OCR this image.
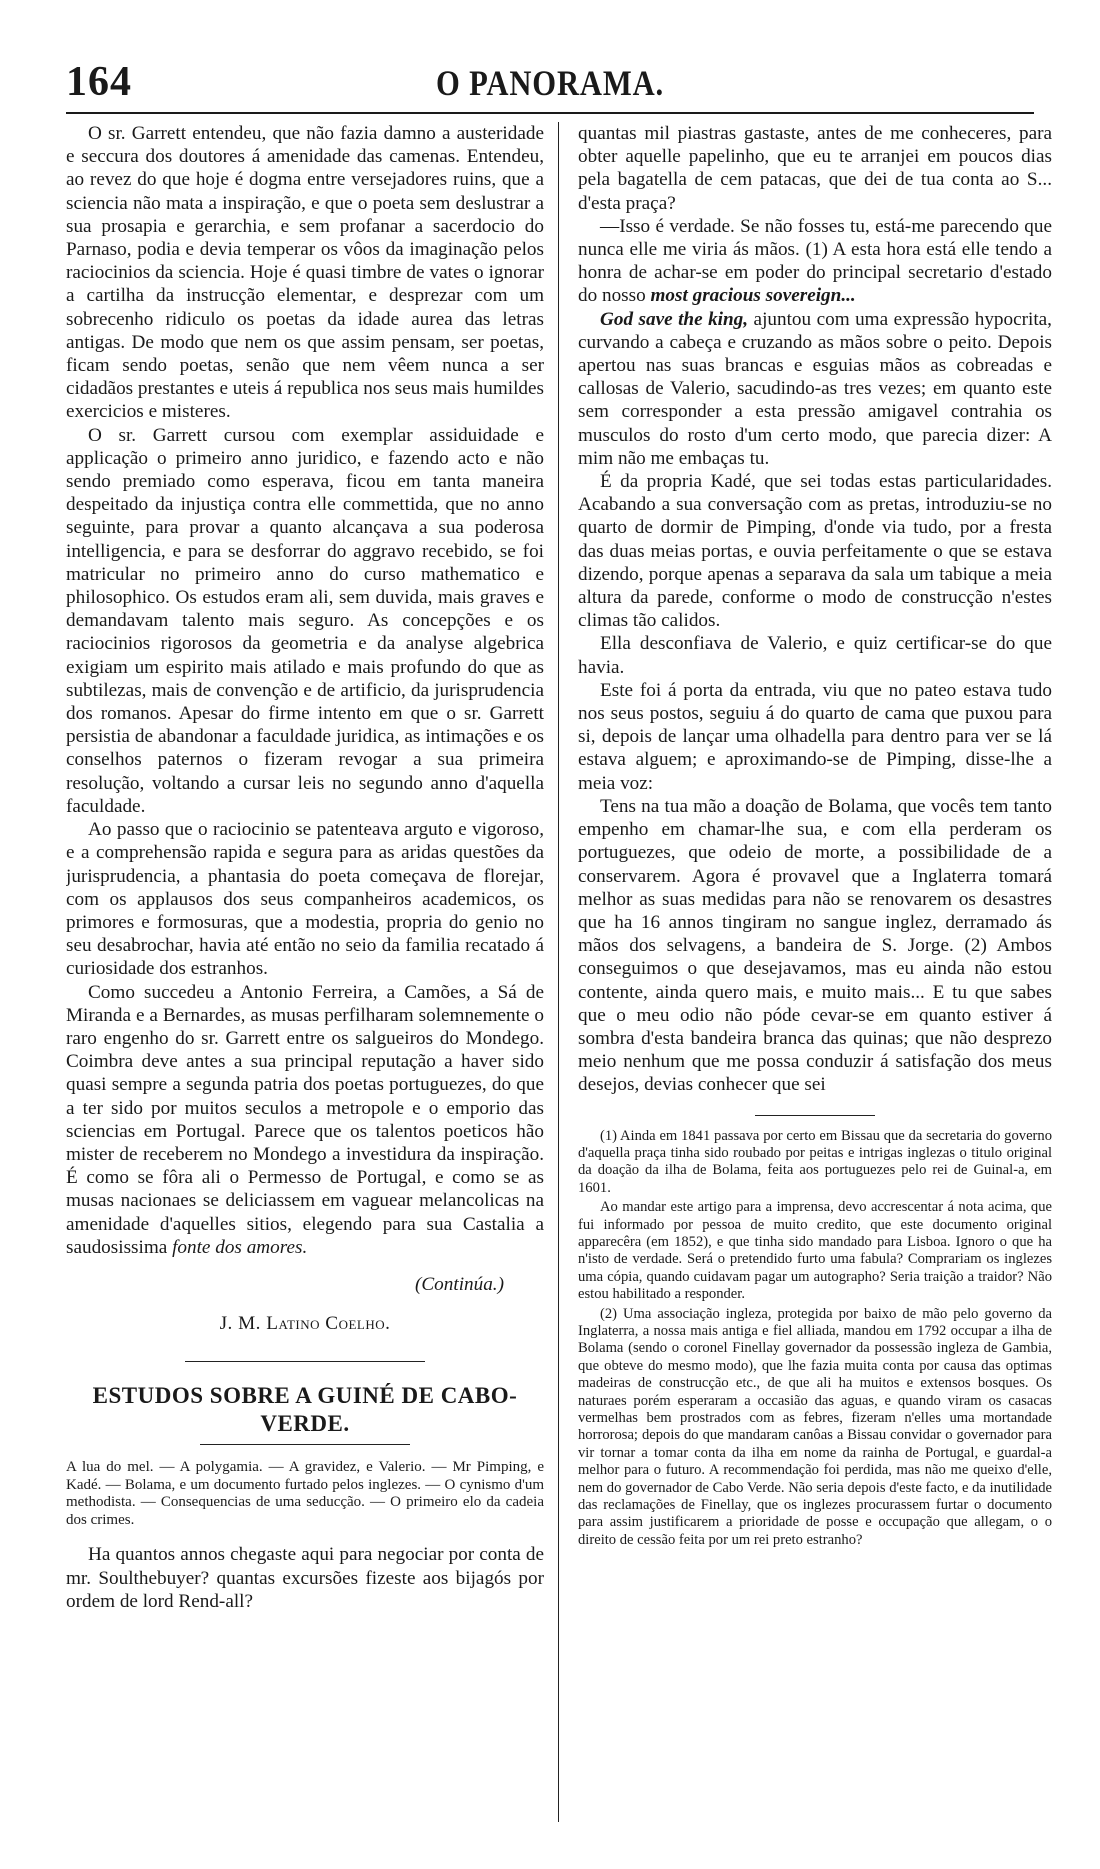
164	O PANORAMA.

O sr. Garrett entendeu, que não fazia damno a austeridade e seccura dos doutores á amenidade das camenas. Entendeu, ao revez do que hoje é dogma entre versejadores ruins, que a sciencia não mata a inspiração, e que o poeta sem deslustrar a sua prosapia e gerarchia, e sem profanar a sacerdocio do Parnaso, podia e devia temperar os vôos da imaginação pelos raciocinios da sciencia. Hoje é quasi timbre de vates o ignorar a cartilha da instrucção elementar, e desprezar com um sobrecenho ridiculo os poetas da idade aurea das letras antigas. De modo que nem os que assim pensam, ser poetas, ficam sendo poetas, senão que nem vêem nunca a ser cidadãos prestantes e uteis á republica nos seus mais humildes exercicios e misteres.

O sr. Garrett cursou com exemplar assiduidade e applicação o primeiro anno juridico, e fazendo acto e não sendo premiado como esperava, ficou em tanta maneira despeitado da injustiça contra elle commettida, que no anno seguinte, para provar a quanto alcançava a sua poderosa intelligencia, e para se desforrar do aggravo recebido, se foi matricular no primeiro anno do curso mathematico e philosophico. Os estudos eram ali, sem duvida, mais graves e demandavam talento mais seguro. As concepções e os raciocinios rigorosos da geometria e da analyse algebrica exigiam um espirito mais atilado e mais profundo do que as subtilezas, mais de convenção e de artificio, da jurisprudencia dos romanos. Apesar do firme intento em que o sr. Garrett persistia de abandonar a faculdade juridica, as intimações e os conselhos paternos o fizeram revogar a sua primeira resolução, voltando a cursar leis no segundo anno d'aquella faculdade.

Ao passo que o raciocinio se patenteava arguto e vigoroso, e a comprehensão rapida e segura para as aridas questões da jurisprudencia, a phantasia do poeta começava de florejar, com os applausos dos seus companheiros academicos, os primores e formosuras, que a modestia, propria do genio no seu desabrochar, havia até então no seio da familia recatado á curiosidade dos estranhos.

Como succedeu a Antonio Ferreira, a Camões, a Sá de Miranda e a Bernardes, as musas perfilharam solemnemente o raro engenho do sr. Garrett entre os salgueiros do Mondego. Coimbra deve antes a sua principal reputação a haver sido quasi sempre a segunda patria dos poetas portuguezes, do que a ter sido por muitos seculos a metropole e o emporio das sciencias em Portugal. Parece que os talentos poeticos hão mister de receberem no Mondego a investidura da inspiração. É como se fôra ali o Permesso de Portugal, e como se as musas nacionaes se deliciassem em vaguear melancolicas na amenidade d'aquelles sitios, elegendo para sua Castalia a saudosissima fonte dos amores.

(Continúa.)

J. M. Latino Coelho.

ESTUDOS SOBRE A GUINÉ DE CABO-VERDE.

A lua do mel. — A polygamia. — A gravidez, e Valerio. — Mr Pimping, e Kadé. — Bolama, e um documento furtado pelos inglezes. — O cynismo d'um methodista. — Consequencias de uma seducção. — O primeiro elo da cadeia dos crimes.

Ha quantos annos chegaste aqui para negociar por conta de mr. Soulthebuyer? quantas excursões fizeste aos bijagós por ordem de lord Rend-all?

quantas mil piastras gastaste, antes de me conheceres, para obter aquelle papelinho, que eu te arranjei em poucos dias pela bagatella de cem patacas, que dei de tua conta ao S... d'esta praça?

—Isso é verdade. Se não fosses tu, está-me parecendo que nunca elle me viria ás mãos. (1) A esta hora está elle tendo a honra de achar-se em poder do principal secretario d'estado do nosso most gracious sovereign...

God save the king, ajuntou com uma expressão hypocrita, curvando a cabeça e cruzando as mãos sobre o peito. Depois apertou nas suas brancas e esguias mãos as cobreadas e callosas de Valerio, sacudindo-as tres vezes; em quanto este sem corresponder a esta pressão amigavel contrahia os musculos do rosto d'um certo modo, que parecia dizer: A mim não me embaças tu.

É da propria Kadé, que sei todas estas particularidades. Acabando a sua conversação com as pretas, introduziu-se no quarto de dormir de Pimping, d'onde via tudo, por a fresta das duas meias portas, e ouvia perfeitamente o que se estava dizendo, porque apenas a separava da sala um tabique a meia altura da parede, conforme o modo de construcção n'estes climas tão calidos.

Ella desconfiava de Valerio, e quiz certificar-se do que havia.

Este foi á porta da entrada, viu que no pateo estava tudo nos seus postos, seguiu á do quarto de cama que puxou para si, depois de lançar uma olhadella para dentro para ver se lá estava alguem; e aproximando-se de Pimping, disse-lhe a meia voz:

Tens na tua mão a doação de Bolama, que vocês tem tanto empenho em chamar-lhe sua, e com ella perderam os portuguezes, que odeio de morte, a possibilidade de a conservarem. Agora é provavel que a Inglaterra tomará melhor as suas medidas para não se renovarem os desastres que ha 16 annos tingiram no sangue inglez, derramado ás mãos dos selvagens, a bandeira de S. Jorge. (2) Ambos conseguimos o que desejavamos, mas eu ainda não estou contente, ainda quero mais, e muito mais... E tu que sabes que o meu odio não póde cevar-se em quanto estiver á sombra d'esta bandeira branca das quinas; que não desprezo meio nenhum que me possa conduzir á satisfação dos meus desejos, devias conhecer que sei

(1) Ainda em 1841 passava por certo em Bissau que da secretaria do governo d'aquella praça tinha sido roubado por peitas e intrigas inglezas o titulo original da doação da ilha de Bolama, feita aos portuguezes pelo rei de Guinal-a, em 1601.

Ao mandar este artigo para a imprensa, devo accrescentar á nota acima, que fui informado por pessoa de muito credito, que este documento original apparecêra (em 1852), e que tinha sido mandado para Lisboa. Ignoro o que ha n'isto de verdade. Será o pretendido furto uma fabula? Comprariam os inglezes uma cópia, quando cuidavam pagar um autographo? Seria traição a traidor? Não estou habilitado a responder.

(2) Uma associação ingleza, protegida por baixo de mão pelo governo da Inglaterra, a nossa mais antiga e fiel alliada, mandou em 1792 occupar a ilha de Bolama (sendo o coronel Finellay governador da possessão ingleza de Gambia, que obteve do mesmo modo), que lhe fazia muita conta por causa das optimas madeiras de construcção etc., de que ali ha muitos e extensos bosques. Os naturaes porém esperaram a occasião das aguas, e quando viram os casacas vermelhas bem prostrados com as febres, fizeram n'elles uma mortandade horrorosa; depois do que mandaram canôas a Bissau convidar o governador para vir tornar a tomar conta da ilha em nome da rainha de Portugal, e guardal-a melhor para o futuro. A recommendação foi perdida, mas não me queixo d'elle, nem do governador de Cabo Verde. Não seria depois d'este facto, e da inutilidade das reclamações de Finellay, que os inglezes procurassem furtar o documento para assim justificarem a prioridade de posse e occupação que allegam, o o direito de cessão feita por um rei preto estranho?
